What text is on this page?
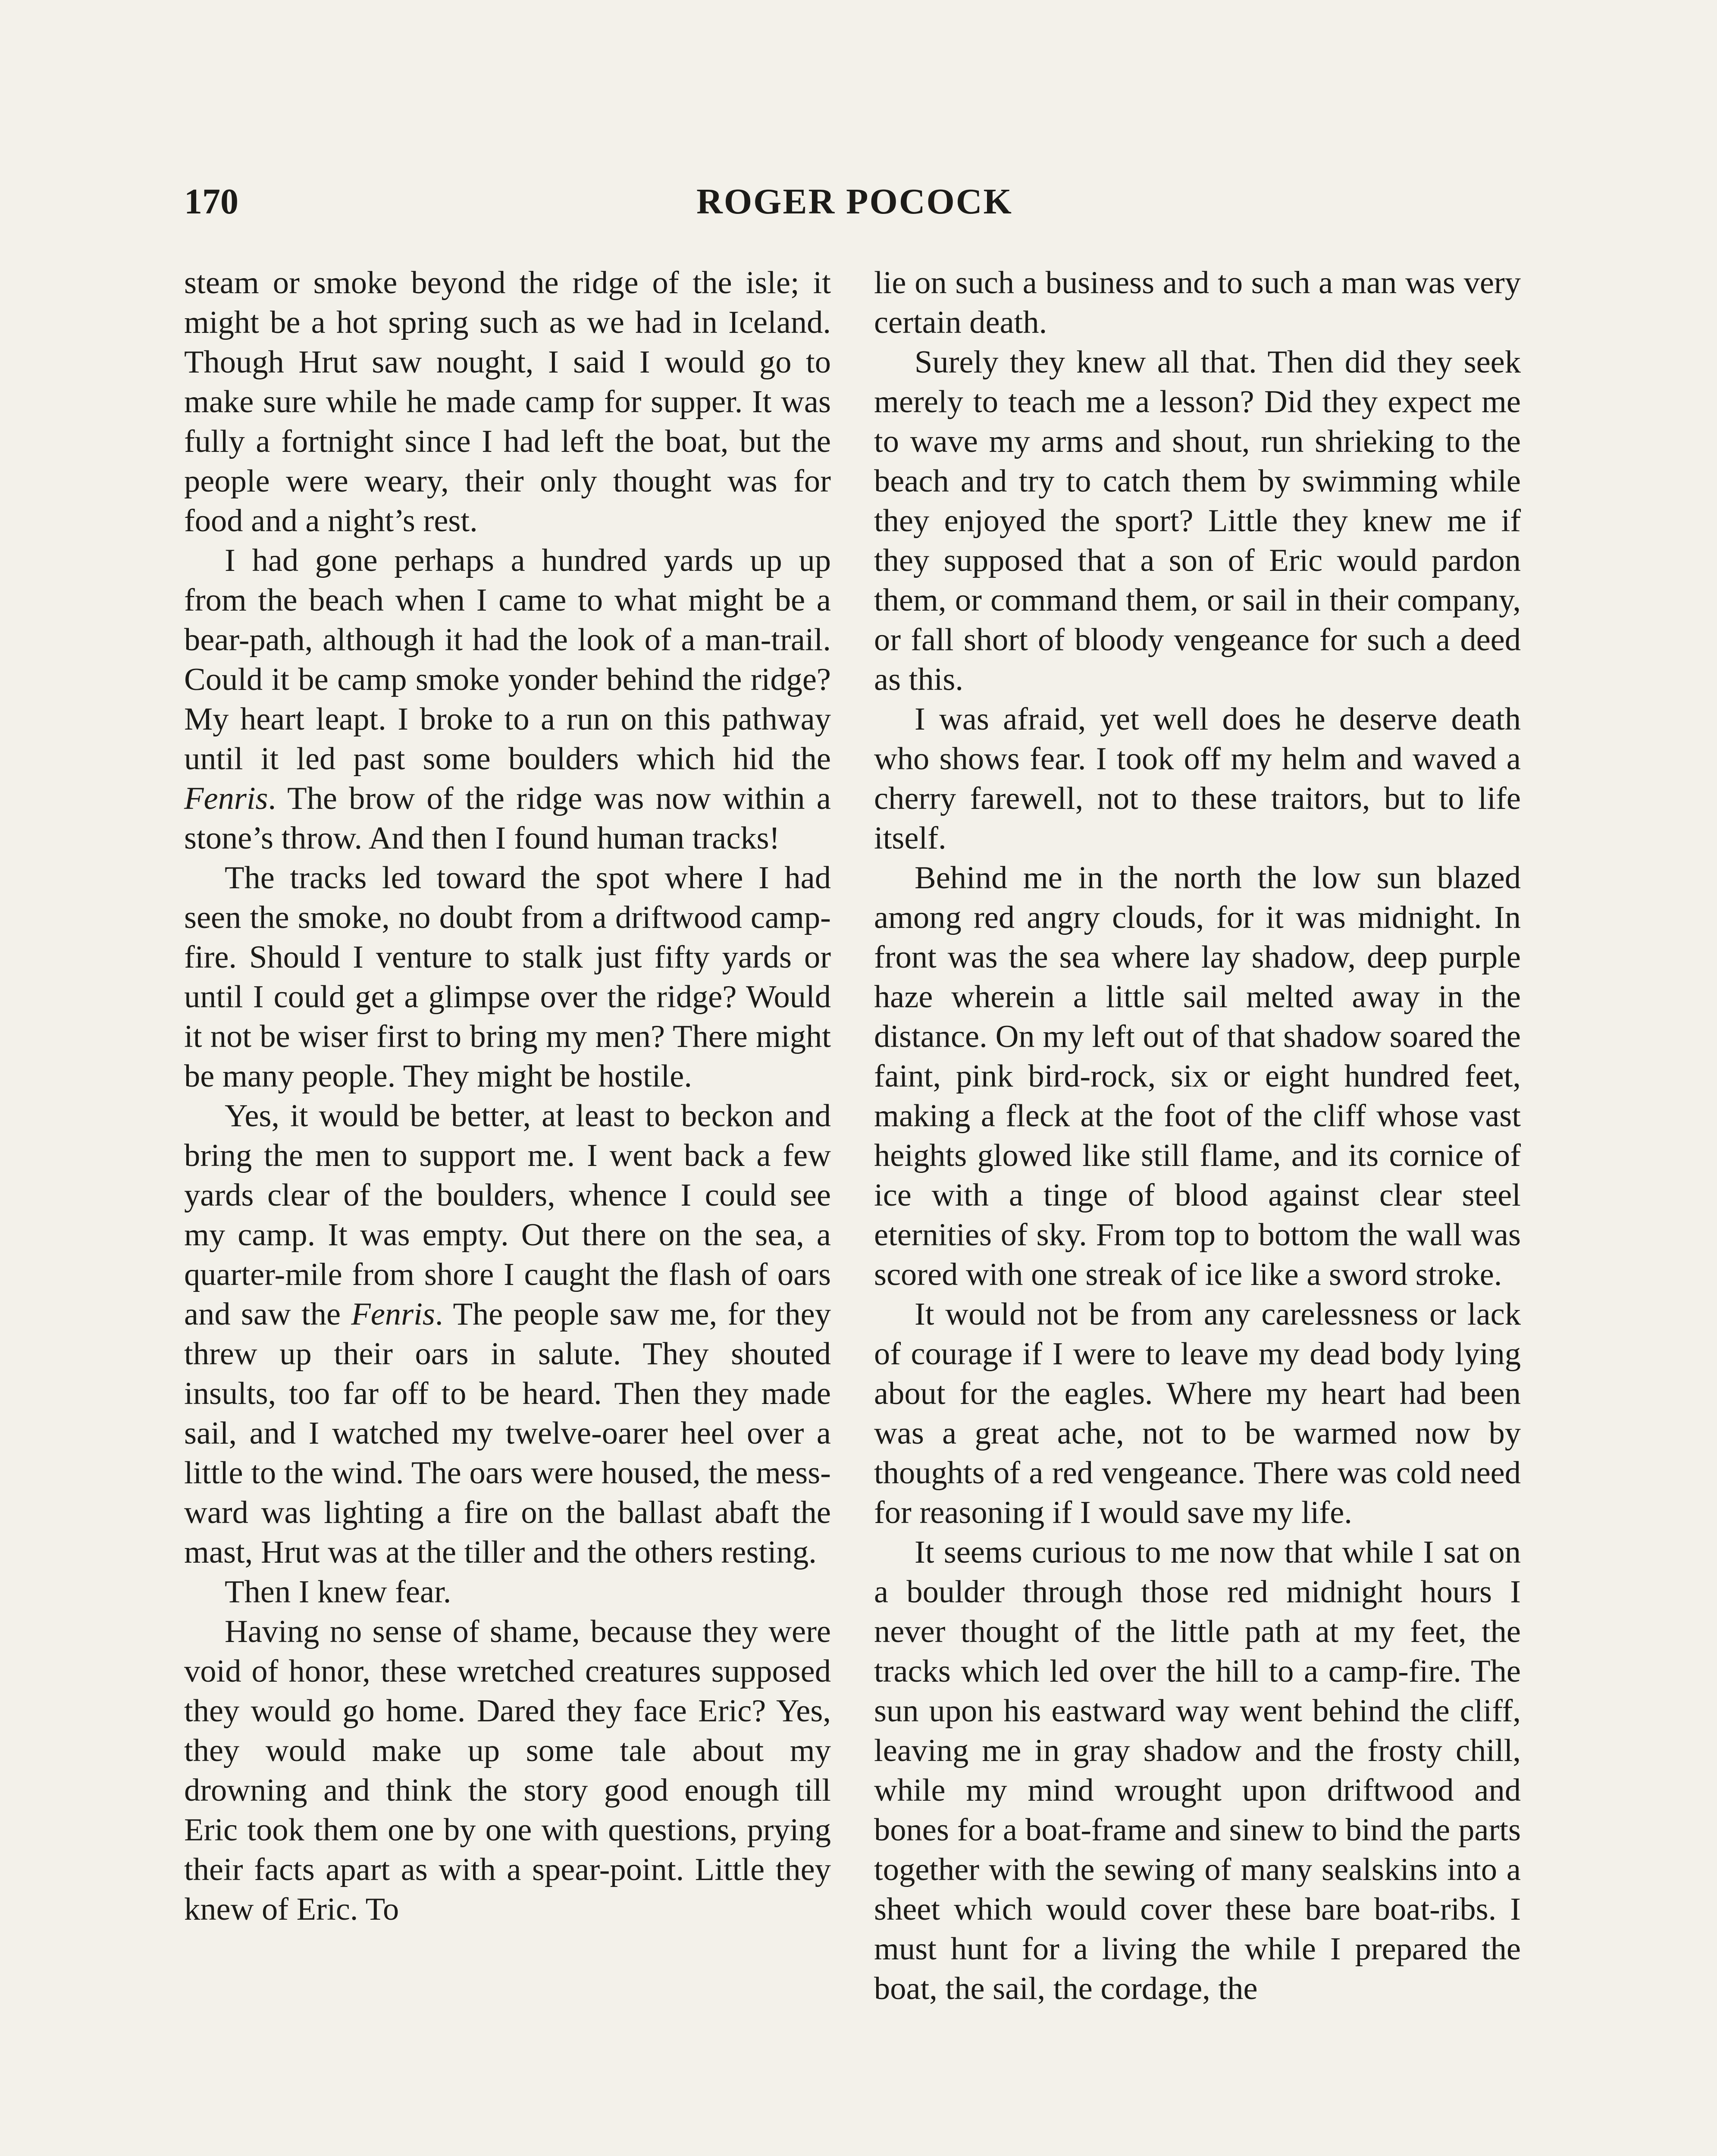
170	ROGER POCOCK

steam or smoke beyond the ridge of the isle; it might be a hot spring such as we had in Iceland. Though Hrut saw nought, I said I would go to make sure while he made camp for supper. It was fully a fortnight since I had left the boat, but the people were weary, their only thought was for food and a night’s rest.

I had gone perhaps a hundred yards up up from the beach when I came to what might be a bear-path, although it had the look of a man-trail. Could it be camp smoke yonder behind the ridge? My heart leapt. I broke to a run on this pathway until it led past some boulders which hid the Fenris. The brow of the ridge was now within a stone’s throw. And then I found human tracks!

The tracks led toward the spot where I had seen the smoke, no doubt from a driftwood camp-fire. Should I venture to stalk just fifty yards or until I could get a glimpse over the ridge? Would it not be wiser first to bring my men? There might be many people. They might be hostile.

Yes, it would be better, at least to beckon and bring the men to support me. I went back a few yards clear of the boulders, whence I could see my camp. It was empty. Out there on the sea, a quarter-mile from shore I caught the flash of oars and saw the Fenris. The people saw me, for they threw up their oars in salute. They shouted insults, too far off to be heard. Then they made sail, and I watched my twelve-oarer heel over a little to the wind. The oars were housed, the mess-ward was lighting a fire on the ballast abaft the mast, Hrut was at the tiller and the others resting.

Then I knew fear.

Having no sense of shame, because they were void of honor, these wretched creatures supposed they would go home. Dared they face Eric? Yes, they would make up some tale about my drowning and think the story good enough till Eric took them one by one with questions, prying their facts apart as with a spear-point. Little they knew of Eric. To

lie on such a business and to such a man was very certain death.

Surely they knew all that. Then did they seek merely to teach me a lesson? Did they expect me to wave my arms and shout, run shrieking to the beach and try to catch them by swimming while they enjoyed the sport? Little they knew me if they supposed that a son of Eric would pardon them, or command them, or sail in their company, or fall short of bloody vengeance for such a deed as this.

I was afraid, yet well does he deserve death who shows fear. I took off my helm and waved a cherry farewell, not to these traitors, but to life itself.

Behind me in the north the low sun blazed among red angry clouds, for it was midnight. In front was the sea where lay shadow, deep purple haze wherein a little sail melted away in the distance. On my left out of that shadow soared the faint, pink bird-rock, six or eight hundred feet, making a fleck at the foot of the cliff whose vast heights glowed like still flame, and its cornice of ice with a tinge of blood against clear steel eternities of sky. From top to bottom the wall was scored with one streak of ice like a sword stroke.

It would not be from any carelessness or lack of courage if I were to leave my dead body lying about for the eagles. Where my heart had been was a great ache, not to be warmed now by thoughts of a red vengeance. There was cold need for reasoning if I would save my life.

It seems curious to me now that while I sat on a boulder through those red midnight hours I never thought of the little path at my feet, the tracks which led over the hill to a camp-fire. The sun upon his eastward way went behind the cliff, leaving me in gray shadow and the frosty chill, while my mind wrought upon driftwood and bones for a boat-frame and sinew to bind the parts together with the sewing of many sealskins into a sheet which would cover these bare boat-ribs. I must hunt for a living the while I prepared the boat, the sail, the cordage, the
